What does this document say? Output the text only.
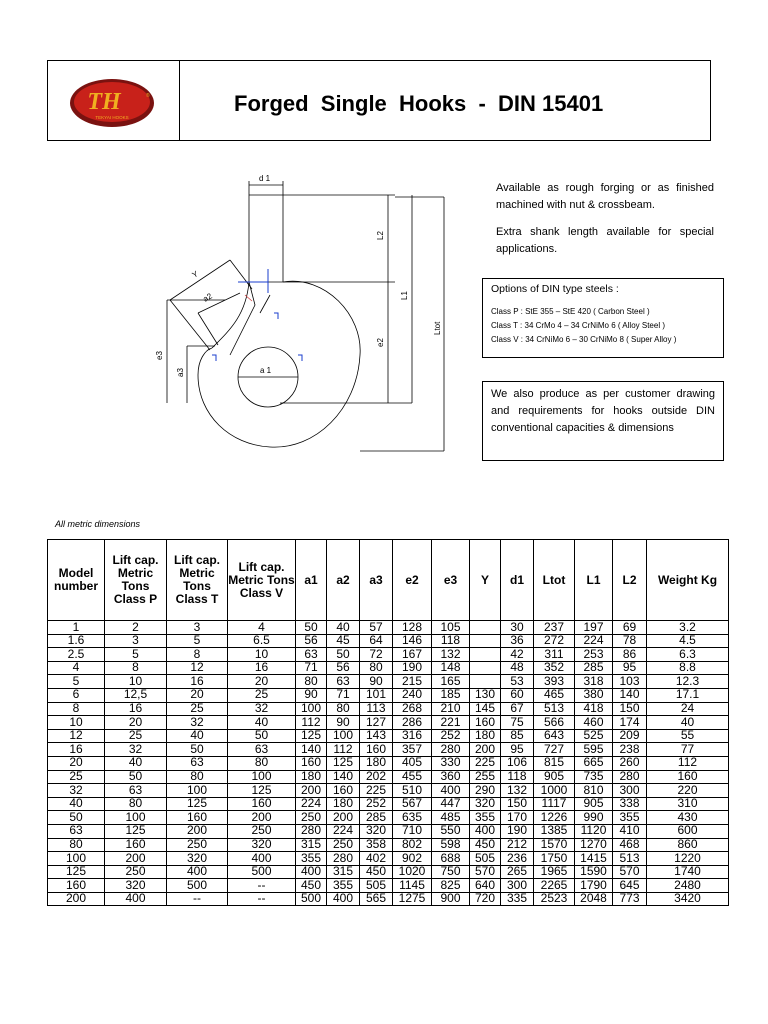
TH
TEKYAI HOOKS
®	Forged  Single  Hooks  -  DIN 15401
d 1
L2
L1
Ltot
e2
e3
a3
a2
a 1
Y

Available as rough forging or as finished machined with nut & crossbeam.

Extra shank length available for special applications.

Options of DIN type steels :
Class P : StE 355 – StE 420 ( Carbon Steel )
Class T : 34 CrMo 4 – 34 CrNiMo 6 ( Alloy Steel )
Class V : 34 CrNiMo 6 – 30 CrNiMo 8 ( Super Alloy )
We also produce as per customer drawing and requirements for hooks outside DIN conventional capacities & dimensions
All metric dimensions
Model number	Lift cap. Metric Tons Class P	Lift cap. Metric Tons Class T	Lift cap. Metric Tons Class V	a1	a2	a3	e2	e3	Y	d1	Ltot	L1	L2	Weight Kg
1	2	3	4	50	40	57	128	105		30	237	197	69	3.2
1.6	3	5	6.5	56	45	64	146	118		36	272	224	78	4.5
2.5	5	8	10	63	50	72	167	132		42	311	253	86	6.3
4	8	12	16	71	56	80	190	148		48	352	285	95	8.8
5	10	16	20	80	63	90	215	165		53	393	318	103	12.3
6	12,5	20	25	90	71	101	240	185	130	60	465	380	140	17.1
8	16	25	32	100	80	113	268	210	145	67	513	418	150	24
10	20	32	40	112	90	127	286	221	160	75	566	460	174	40
12	25	40	50	125	100	143	316	252	180	85	643	525	209	55
16	32	50	63	140	112	160	357	280	200	95	727	595	238	77
20	40	63	80	160	125	180	405	330	225	106	815	665	260	112
25	50	80	100	180	140	202	455	360	255	118	905	735	280	160
32	63	100	125	200	160	225	510	400	290	132	1000	810	300	220
40	80	125	160	224	180	252	567	447	320	150	1117	905	338	310
50	100	160	200	250	200	285	635	485	355	170	1226	990	355	430
63	125	200	250	280	224	320	710	550	400	190	1385	1120	410	600
80	160	250	320	315	250	358	802	598	450	212	1570	1270	468	860
100	200	320	400	355	280	402	902	688	505	236	1750	1415	513	1220
125	250	400	500	400	315	450	1020	750	570	265	1965	1590	570	1740
160	320	500	--	450	355	505	1145	825	640	300	2265	1790	645	2480
200	400	--	--	500	400	565	1275	900	720	335	2523	2048	773	3420
